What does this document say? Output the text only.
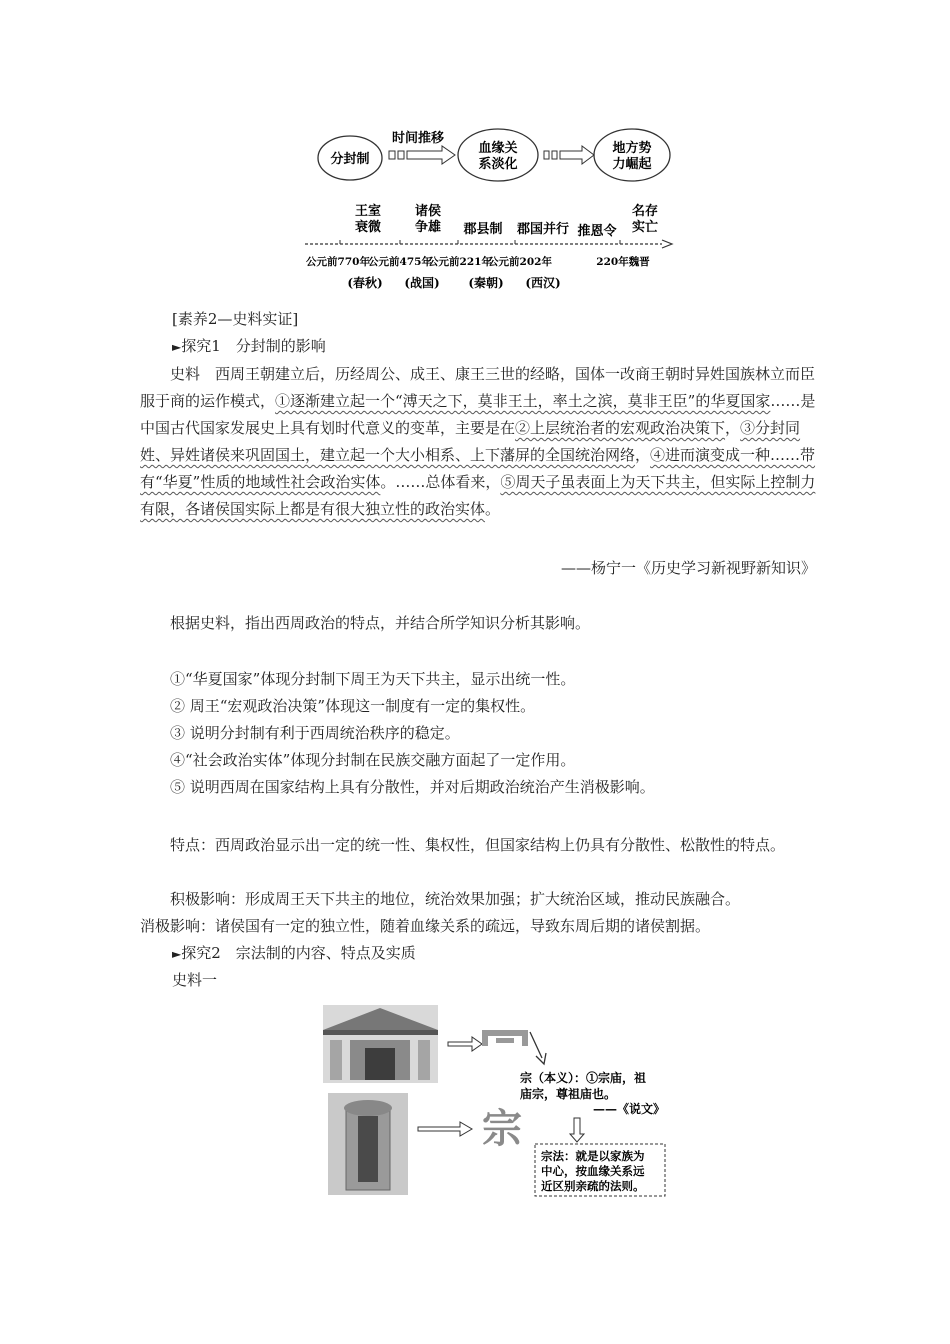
分封制
时间推移
血缘关
系淡化
地方势
力崛起
王室
衰微
诸侯
争雄 郡县制 郡国并行 推恩令
名存
实亡
公元前770年
公元前475年
公元前221年
公元前202年	220年魏晋
(春秋) (战国) (秦朝) (西汉)
[素养2—史料实证]
►探究1　分封制的影响
史料　西周王朝建立后，历经周公、成王、康王三世的经略，国体一改商王朝时异姓国族林立而臣服于商的运作模式，①逐渐建立起一个“溥天之下，莫非王土，率土之滨，莫非王臣”的华夏国家……是中国古代国家发展史上具有划时代意义的变革，主要是在②上层统治者的宏观政治决策下，③分封同姓、异姓诸侯来巩固国土，建立起一个大小相系、上下藩屏的全国统治网络，④进而演变成一种……带有“华夏”性质的地域性社会政治实体。……总体看来，⑤周天子虽表面上为天下共主，但实际上控制力有限，各诸侯国实际上都是有很大独立性的政治实体。
——杨宁一《历史学习新视野新知识》
根据史料，指出西周政治的特点，并结合所学知识分析其影响。
①“华夏国家”体现分封制下周王为天下共主，显示出统一性。
② 周王“宏观政治决策”体现这一制度有一定的集权性。
③ 说明分封制有利于西周统治秩序的稳定。
④“社会政治实体”体现分封制在民族交融方面起了一定作用。
⑤ 说明西周在国家结构上具有分散性，并对后期政治统治产生消极影响。
特点：西周政治显示出一定的统一性、集权性，但国家结构上仍具有分散性、松散性的特点。
积极影响：形成周王天下共主的地位，统治效果加强；扩大统治区域，推动民族融合。
消极影响：诸侯国有一定的独立性，随着血缘关系的疏远，导致东周后期的诸侯割据。
►探究2　宗法制的内容、特点及实质
史料一
宗
宗（本义）：①宗庙，祖
庙宗，尊祖庙也。
——《说文》
宗法：就是以家族为
中心，按血缘关系远
近区别亲疏的法则。
